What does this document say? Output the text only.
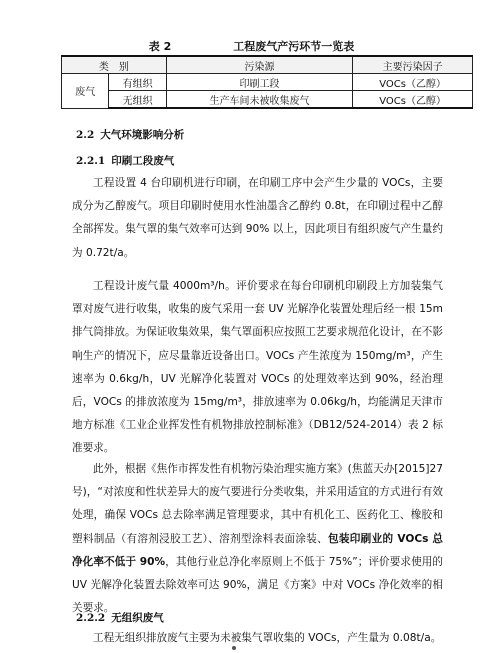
表 2	工程废气产污环节一览表
类　别		污染源	主要污染因子
废气	有组织	印刷工段	VOCs（乙醇）
	无组织	生产车间未被收集废气	VOCs（乙醇）
2.2 大气环境影响分析
2.2.1 印刷工段废气

工程设置 4 台印刷机进行印刷，在印刷工序中会产生少量的 VOCs，主要成分为乙醇废气。项目印刷时使用水性油墨含乙醇约 0.8t，在印刷过程中乙醇全部挥发。集气罩的集气效率可达到 90% 以上，因此项目有组织废气产生量约为 0.72t/a。

工程设计废气量 4000m³/h。评价要求在每台印刷机印刷段上方加装集气罩对废气进行收集，收集的废气采用一套 UV 光解净化装置处理后经一根 15m 排气筒排放。为保证收集效果，集气罩面积应按照工艺要求规范化设计，在不影响生产的情况下，应尽量靠近设备出口。VOCs 产生浓度为 150mg/m³，产生速率为 0.6kg/h，UV 光解净化装置对 VOCs 的处理效率达到 90%，经治理后，VOCs 的排放浓度为 15mg/m³，排放速率为 0.06kg/h，均能满足天津市地方标准《工业企业挥发性有机物排放控制标准》（DB12/524-2014）表 2 标准要求。

此外，根据《焦作市挥发性有机物污染治理实施方案》(焦蓝天办[2015]27 号)，“对浓度和性状差异大的废气要进行分类收集，并采用适宜的方式进行有效处理，确保 VOCs 总去除率满足管理要求，其中有机化工、医药化工、橡胶和塑料制品（有溶剂浸胶工艺）、溶剂型涂料表面涂装、包装印刷业的 VOCs 总净化率不低于 90%，其他行业总净化率原则上不低于 75%”；评价要求使用的 UV 光解净化装置去除效率可达 90%，满足《方案》中对 VOCs 净化效率的相关要求。

2.2.2 无组织废气

工程无组织排放废气主要为未被集气罩收集的 VOCs，产生量为 0.08t/a。
